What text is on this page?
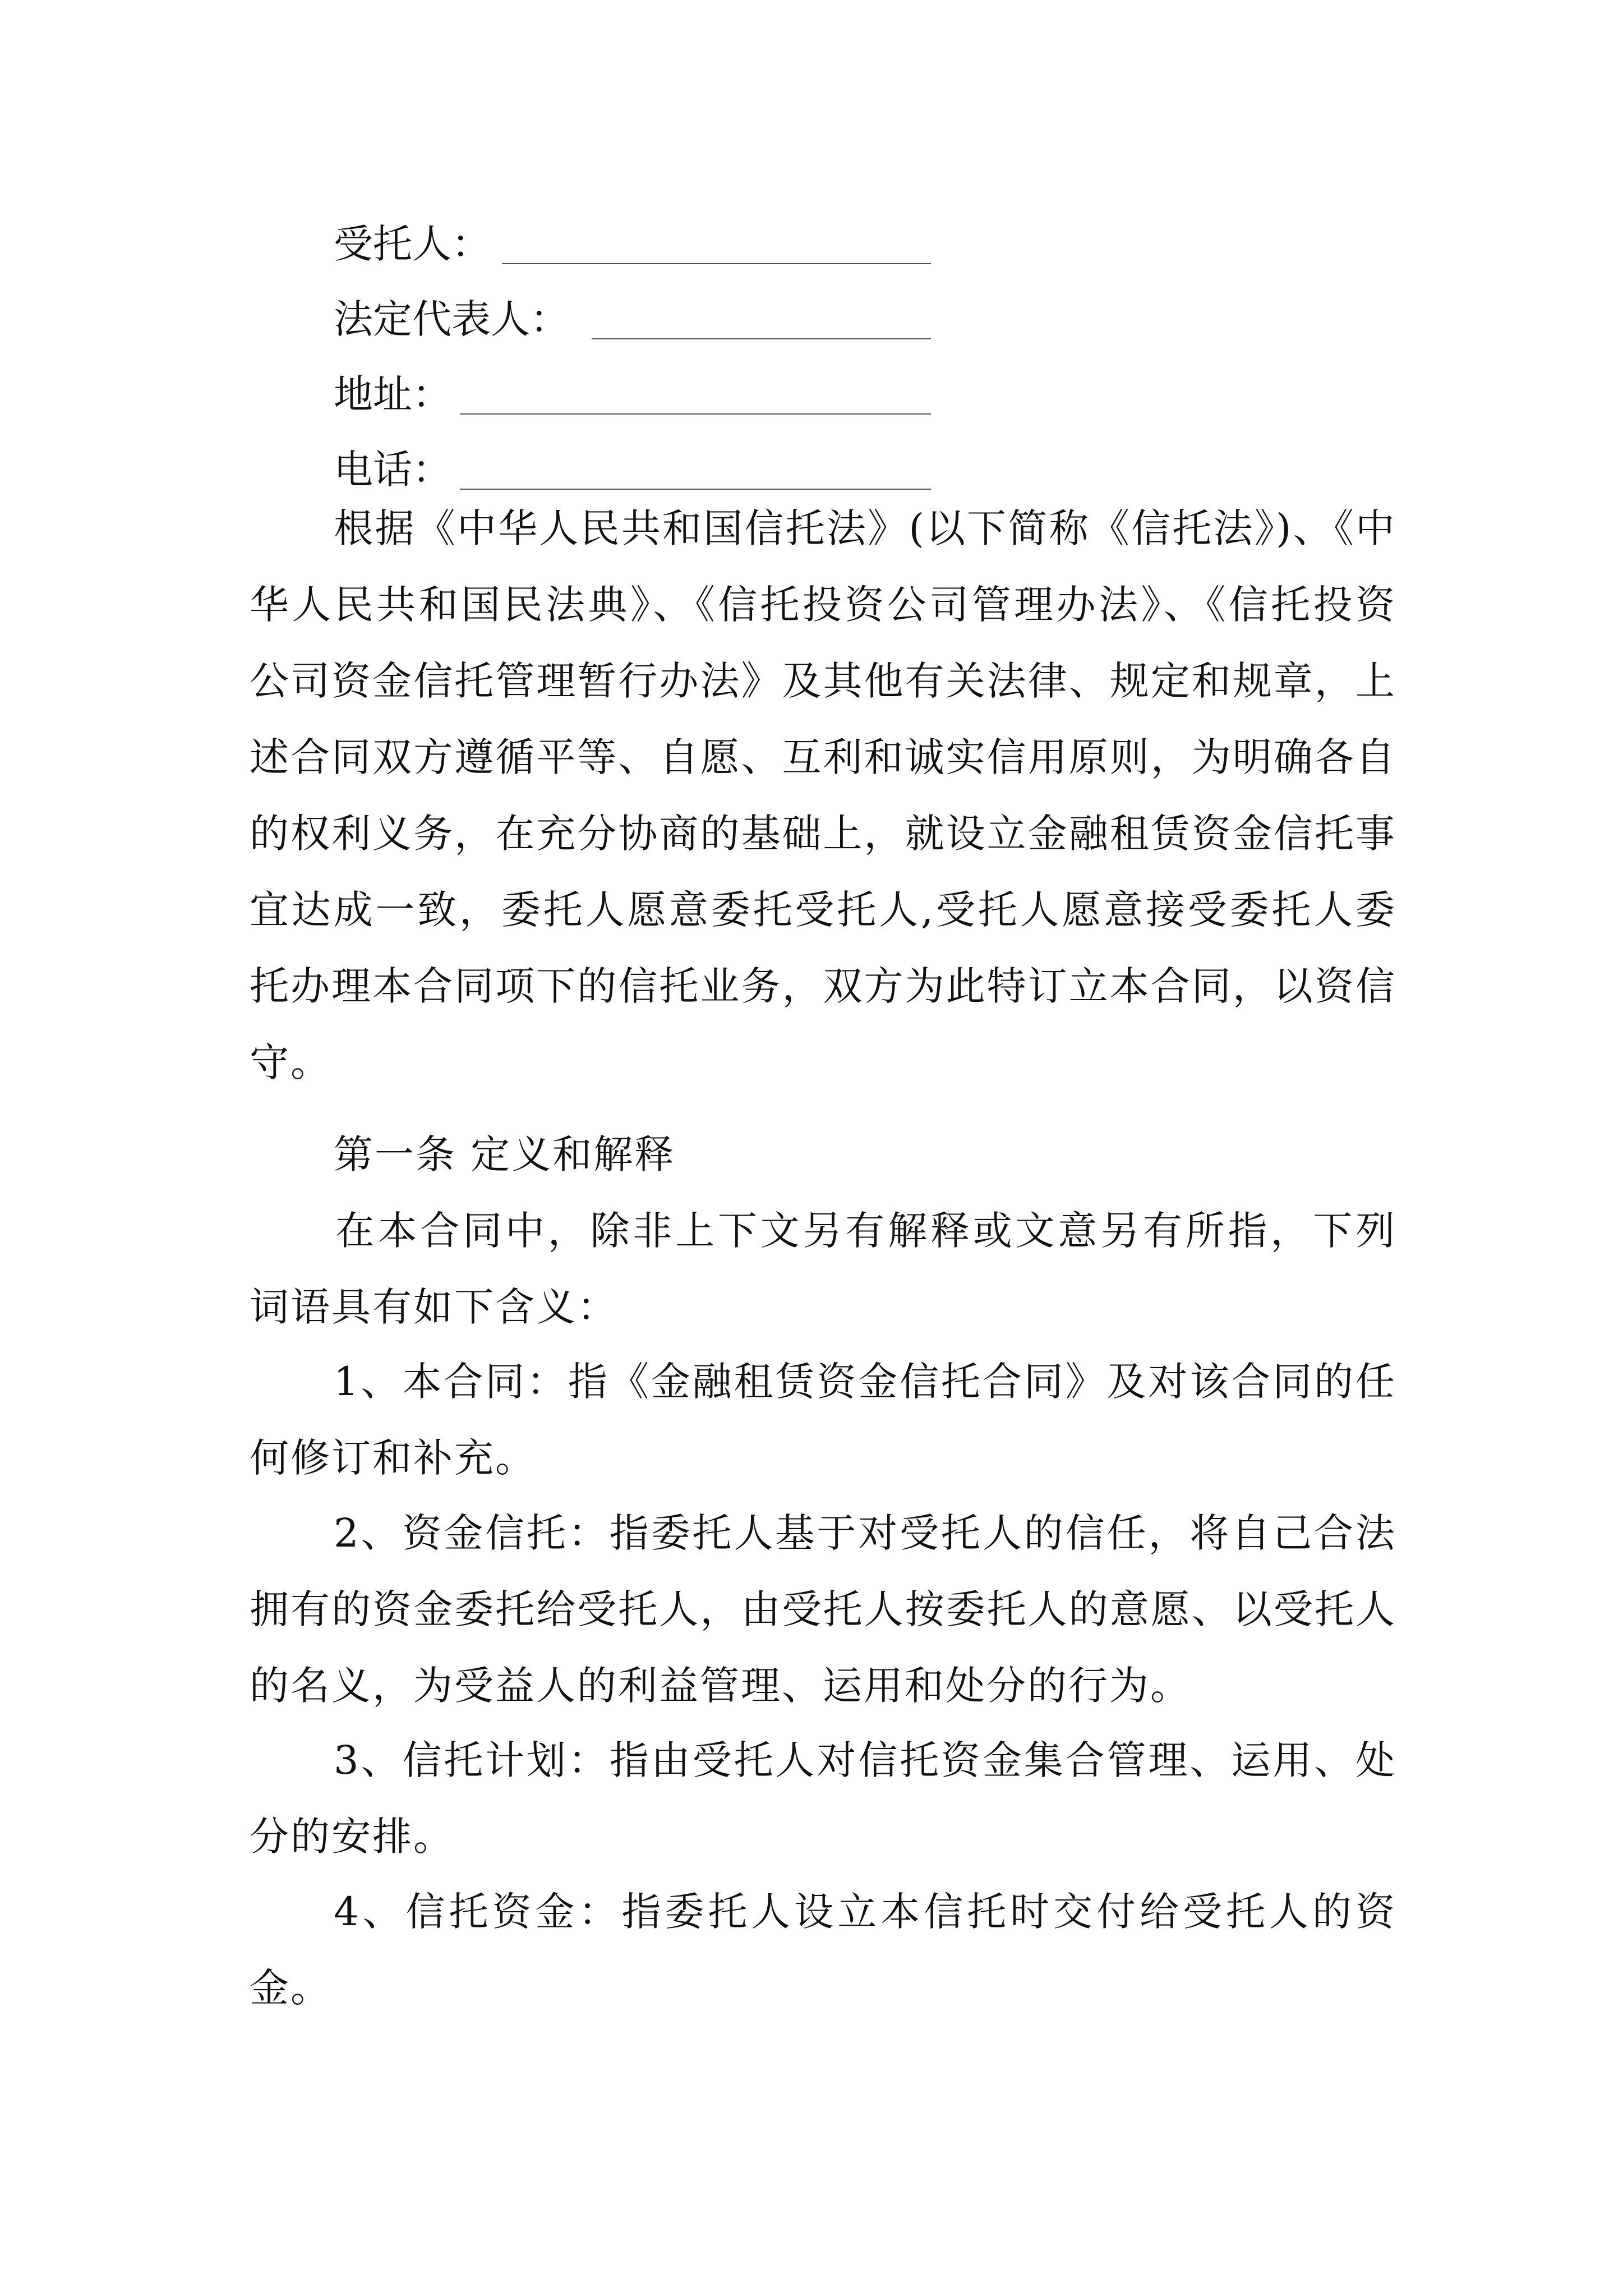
受托人：
法定代表人：
地址：
电话：

根据《中华人民共和国信托法》(以下简称《信托法》)、《中华人民共和国民法典》、《信托投资公司管理办法》、《信托投资公司资金信托管理暂行办法》及其他有关法律、规定和规章，上述合同双方遵循平等、自愿、互利和诚实信用原则，为明确各自的权利义务，在充分协商的基础上，就设立金融租赁资金信托事宜达成一致，委托人愿意委托受托人,受托人愿意接受委托人委托办理本合同项下的信托业务，双方为此特订立本合同，以资信守。

第一条 定义和解释

在本合同中，除非上下文另有解释或文意另有所指，下列词语具有如下含义：

1、本合同：指《金融租赁资金信托合同》及对该合同的任何修订和补充。

2、资金信托：指委托人基于对受托人的信任，将自己合法拥有的资金委托给受托人，由受托人按委托人的意愿、以受托人的名义，为受益人的利益管理、运用和处分的行为。

3、信托计划：指由受托人对信托资金集合管理、运用、处分的安排。

4、信托资金：指委托人设立本信托时交付给受托人的资金。
